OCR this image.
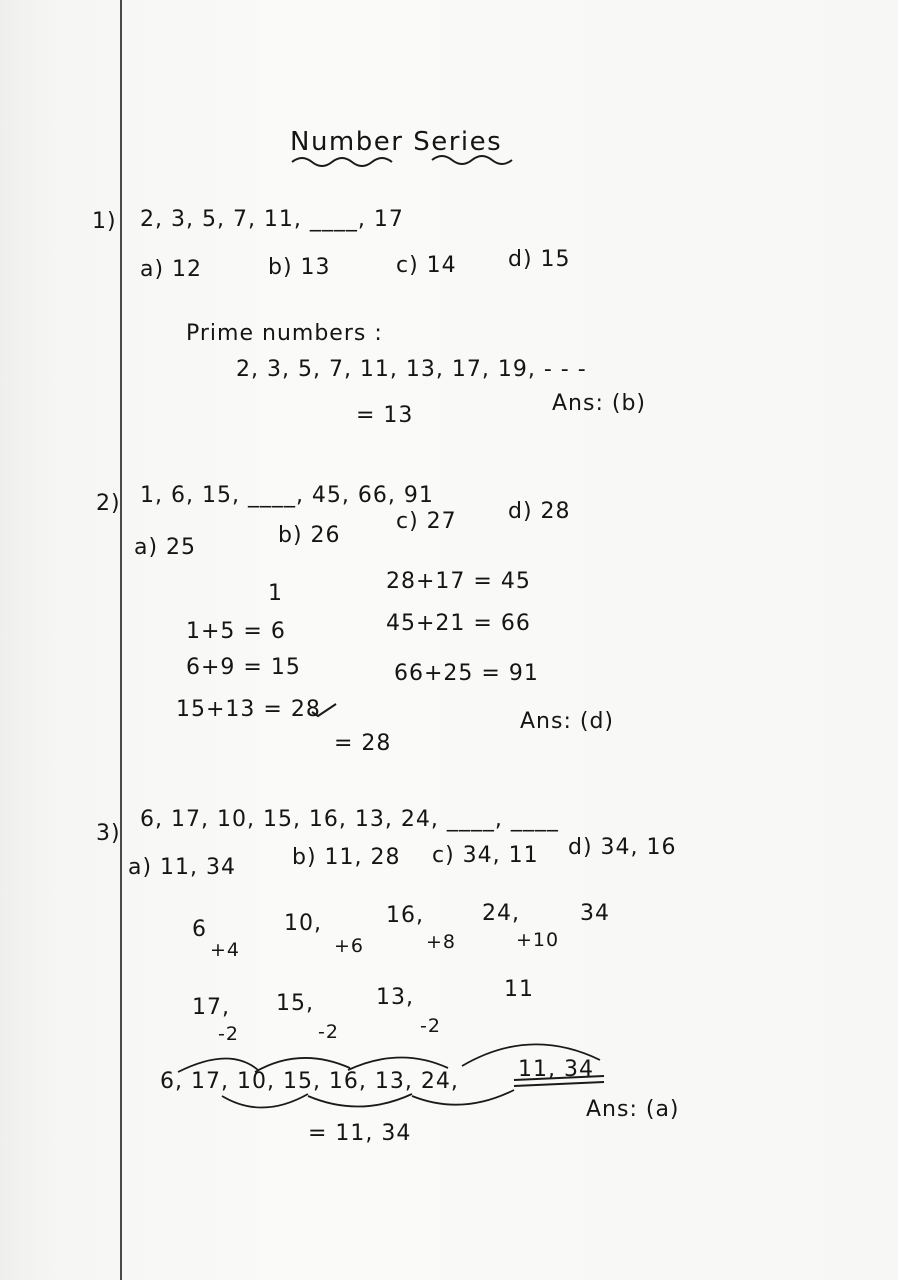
Number Series
1) 2, 3, 5, 7, 11, ____, 17
a) 12	b) 13	c) 14 d) 15
Prime numbers :
2, 3, 5, 7, 11, 13, 17, 19, - - -
= 13	Ans: (b)
2) 1, 6, 15, ____, 45, 66, 91
a) 25	b) 26
c) 27 d) 28
1
1+5 = 6
6+9 = 15
15+13 = 28
28+17 = 45
45+21 = 66
66+25 = 91
= 28
Ans: (d)
3)
6, 17, 10, 15, 16, 13, 24, ____, ____
a) 11, 34	b) 11, 28 c) 34, 11 d) 34, 16
6	10,	16,	24,	34
+4	+6	+8	+10
17, 15,	13,	11
-2	-2	-2
6, 17, 10, 15, 16, 13, 24,	11, 34
Ans: (a)
= 11, 34
